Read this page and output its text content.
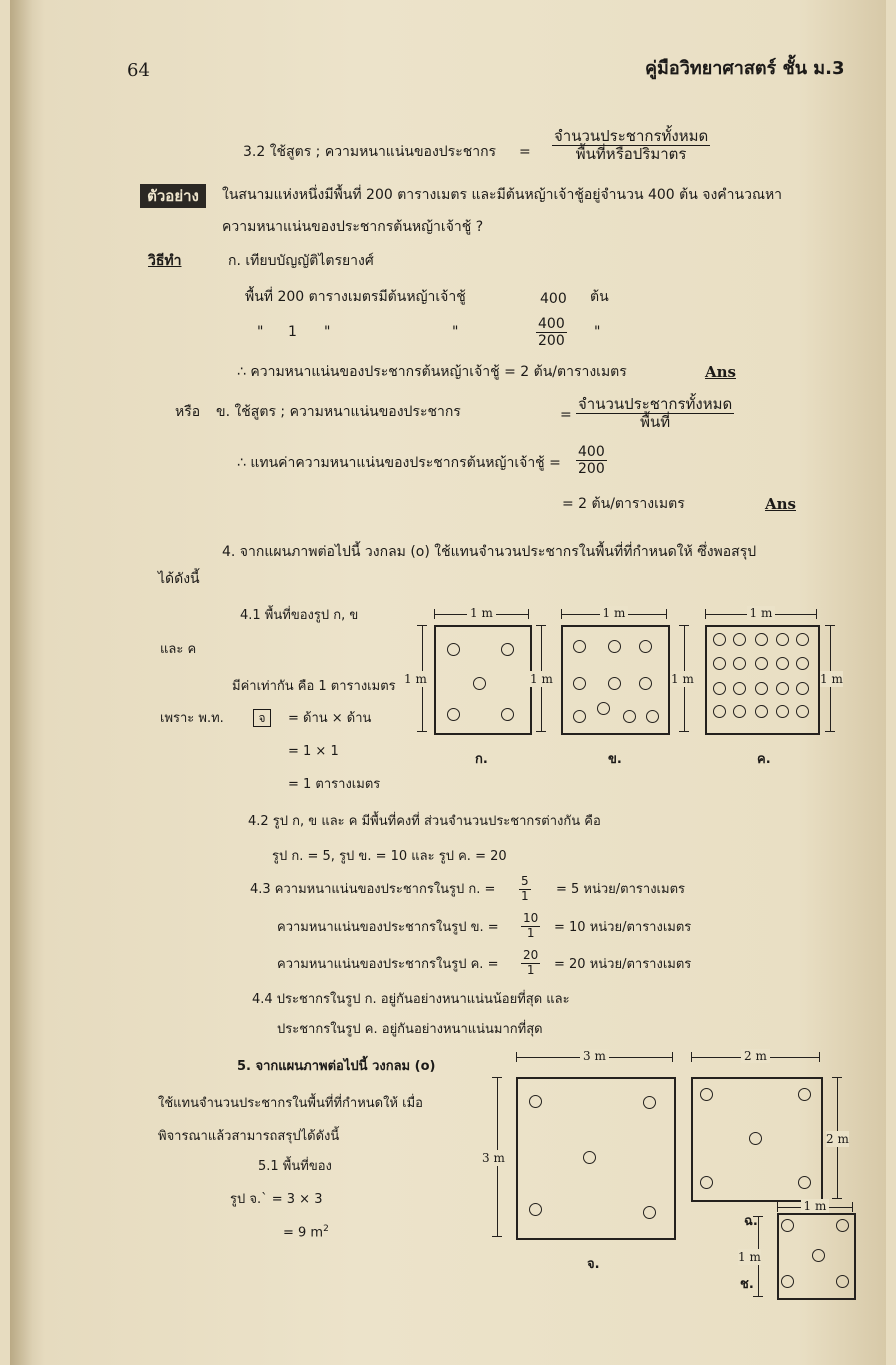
64	คู่มือวิทยาศาสตร์ ชั้น ม.3
3.2 ใช้สูตร ; ความหนาแน่นของประชากร =
จำนวนประชากรทั้งหมด
พื้นที่หรือปริมาตร
ตัวอย่าง	ในสนามแห่งหนึ่งมีพื้นที่ 200 ตารางเมตร และมีต้นหญ้าเจ้าชู้อยู่จำนวน 400 ต้น จงคำนวณหา
ความหนาแน่นของประชากรต้นหญ้าเจ้าชู้ ?
วิธีทำ	ก. เทียบบัญญัติไตรยางศ์
พื้นที่ 200 ตารางเมตรมีต้นหญ้าเจ้าชู้	400 ต้น
" 1 "	"	$\frac{400}{200}$ "
∴ ความหนาแน่นของประชากรต้นหญ้าเจ้าชู้ = 2 ต้น/ตารางเมตร	Ans
หรือ ข. ใช้สูตร ; ความหนาแน่นของประชากร	=
จำนวนประชากรทั้งหมด
พื้นที่
∴ แทนค่าความหนาแน่นของประชากรต้นหญ้าเจ้าชู้ = $\frac{400}{200}$
= 2 ต้น/ตารางเมตร	Ans
4. จากแผนภาพต่อไปนี้ วงกลม (o) ใช้แทนจำนวนประชากรในพื้นที่ที่กำหนดให้ ซึ่งพอสรุป
ได้ดังนี้
4.1 พื้นที่ของรูป ก, ข
และ ค
มีค่าเท่ากัน คือ 1 ตารางเมตร
เพราะ พ.ท.	จ	= ด้าน × ด้าน
= 1 × 1
= 1 ตารางเมตร
1 m
1 m	1 m
1 m
1 m
1 m
1 m
ก.	ข.	ค.
4.2 รูป ก, ข และ ค มีพื้นที่คงที่ ส่วนจำนวนประชากรต่างกัน คือ
รูป ก. = 5, รูป ข. = 10 และ รูป ค. = 20
4.3 ความหนาแน่นของประชากรในรูป ก. = $\frac{5}{1} = 5$ หน่วย/ตารางเมตร
ความหนาแน่นของประชากรในรูป ข. = $\frac{10}{1} = 10$ หน่วย/ตารางเมตร
ความหนาแน่นของประชากรในรูป ค. = $\frac{20}{1} = 20$ หน่วย/ตารางเมตร
4.4 ประชากรในรูป ก. อยู่กันอย่างหนาแน่นน้อยที่สุด และ
ประชากรในรูป ค. อยู่กันอย่างหนาแน่นมากที่สุด
5. จากแผนภาพต่อไปนี้ วงกลม (o)
ใช้แทนจำนวนประชากรในพื้นที่ที่กำหนดให้ เมื่อ
พิจารณาแล้วสามารถสรุปได้ดังนี้
5.1 พื้นที่ของ
รูป จ.` = 3 × 3
= 9 $m^2$
3 m
3 m
2 m
2 m
1 m
1 m
จ.
ฉ.
ช.
